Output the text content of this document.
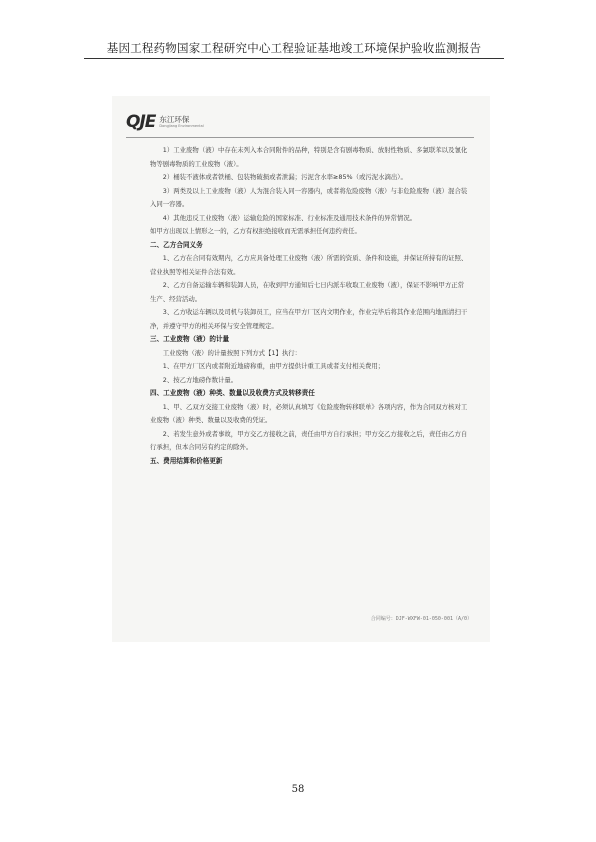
基因工程药物国家工程研究中心工程验证基地竣工环境保护验收监测报告
QJE 东江环保
Dongjiang Environmental

1）工业废物（液）中存在未列入本合同附件的品种，特别是含有剧毒物质、放射性物质、多氯联苯以及氰化物等剧毒物质的工业废物（液）。

2）桶装不液体或者铁桶、包装物破损或者泄漏；污泥含水率≥85%（或污泥水滴出）。

3）两类及以上工业废物（液）人为混合装入同一容器内，或者将危险废物（液）与非危险废物（液）混合装入同一容器。

4）其他违反工业废物（液）运输危险的国家标准、行业标准及通用技术条件的异常情况。

如甲方出现以上情形之一的，乙方有权拒绝接收而无需承担任何违约责任。

二、乙方合同义务

1、乙方在合同有效期内，乙方应具备处理工业废物（液）所需的资质、条件和设施，并保证所持有的证照、营业执照等相关证件合法有效。

2、乙方自备运输车辆和装卸人员，在收到甲方通知后七日内派车收取工业废物（液），保证不影响甲方正常生产、经营活动。

3、乙方收运车辆以及司机与装卸员工，应当在甲方厂区内文明作业，作业完毕后将其作业范围内地面清扫干净，并遵守甲方的相关环保与安全管理规定。

三、工业废物（液）的计量

工业废物（液）的计量按照下列方式【1】执行：

1、在甲方厂区内或者附近地磅称重，由甲方提供计重工具或者支付相关费用；

2、按乙方地磅作数计量。

四、工业废物（液）种类、数量以及收费方式及转移责任

1、甲、乙双方交接工业废物（液）时，必须认真填写《危险废物转移联单》各项内容，作为合同双方核对工业废物（液）种类、数量以及收费的凭证。

2、若发生意外或者事故，甲方交乙方接收之前，责任由甲方自行承担；甲方交乙方接收之后，责任由乙方自行承担，但本合同另有约定的除外。

五、费用结算和价格更新

合同编号：DJF-WXFW-01-050-001（A/0）
58
